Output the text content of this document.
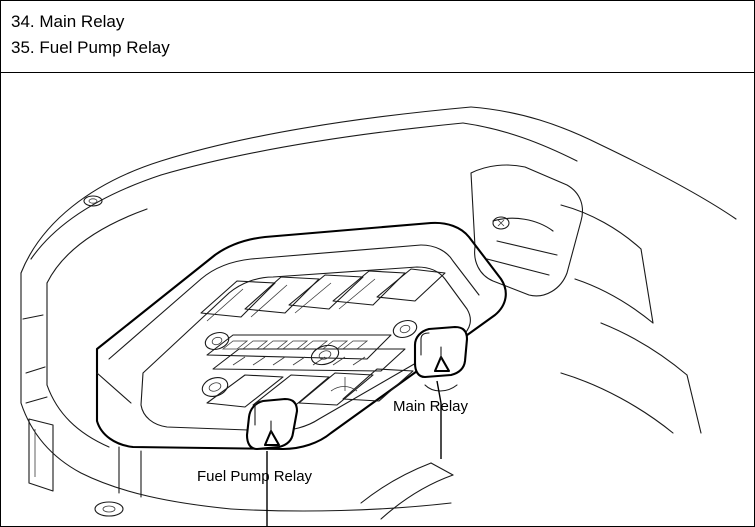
34. Main Relay
35. Fuel Pump Relay
Main Relay
Fuel Pump Relay
